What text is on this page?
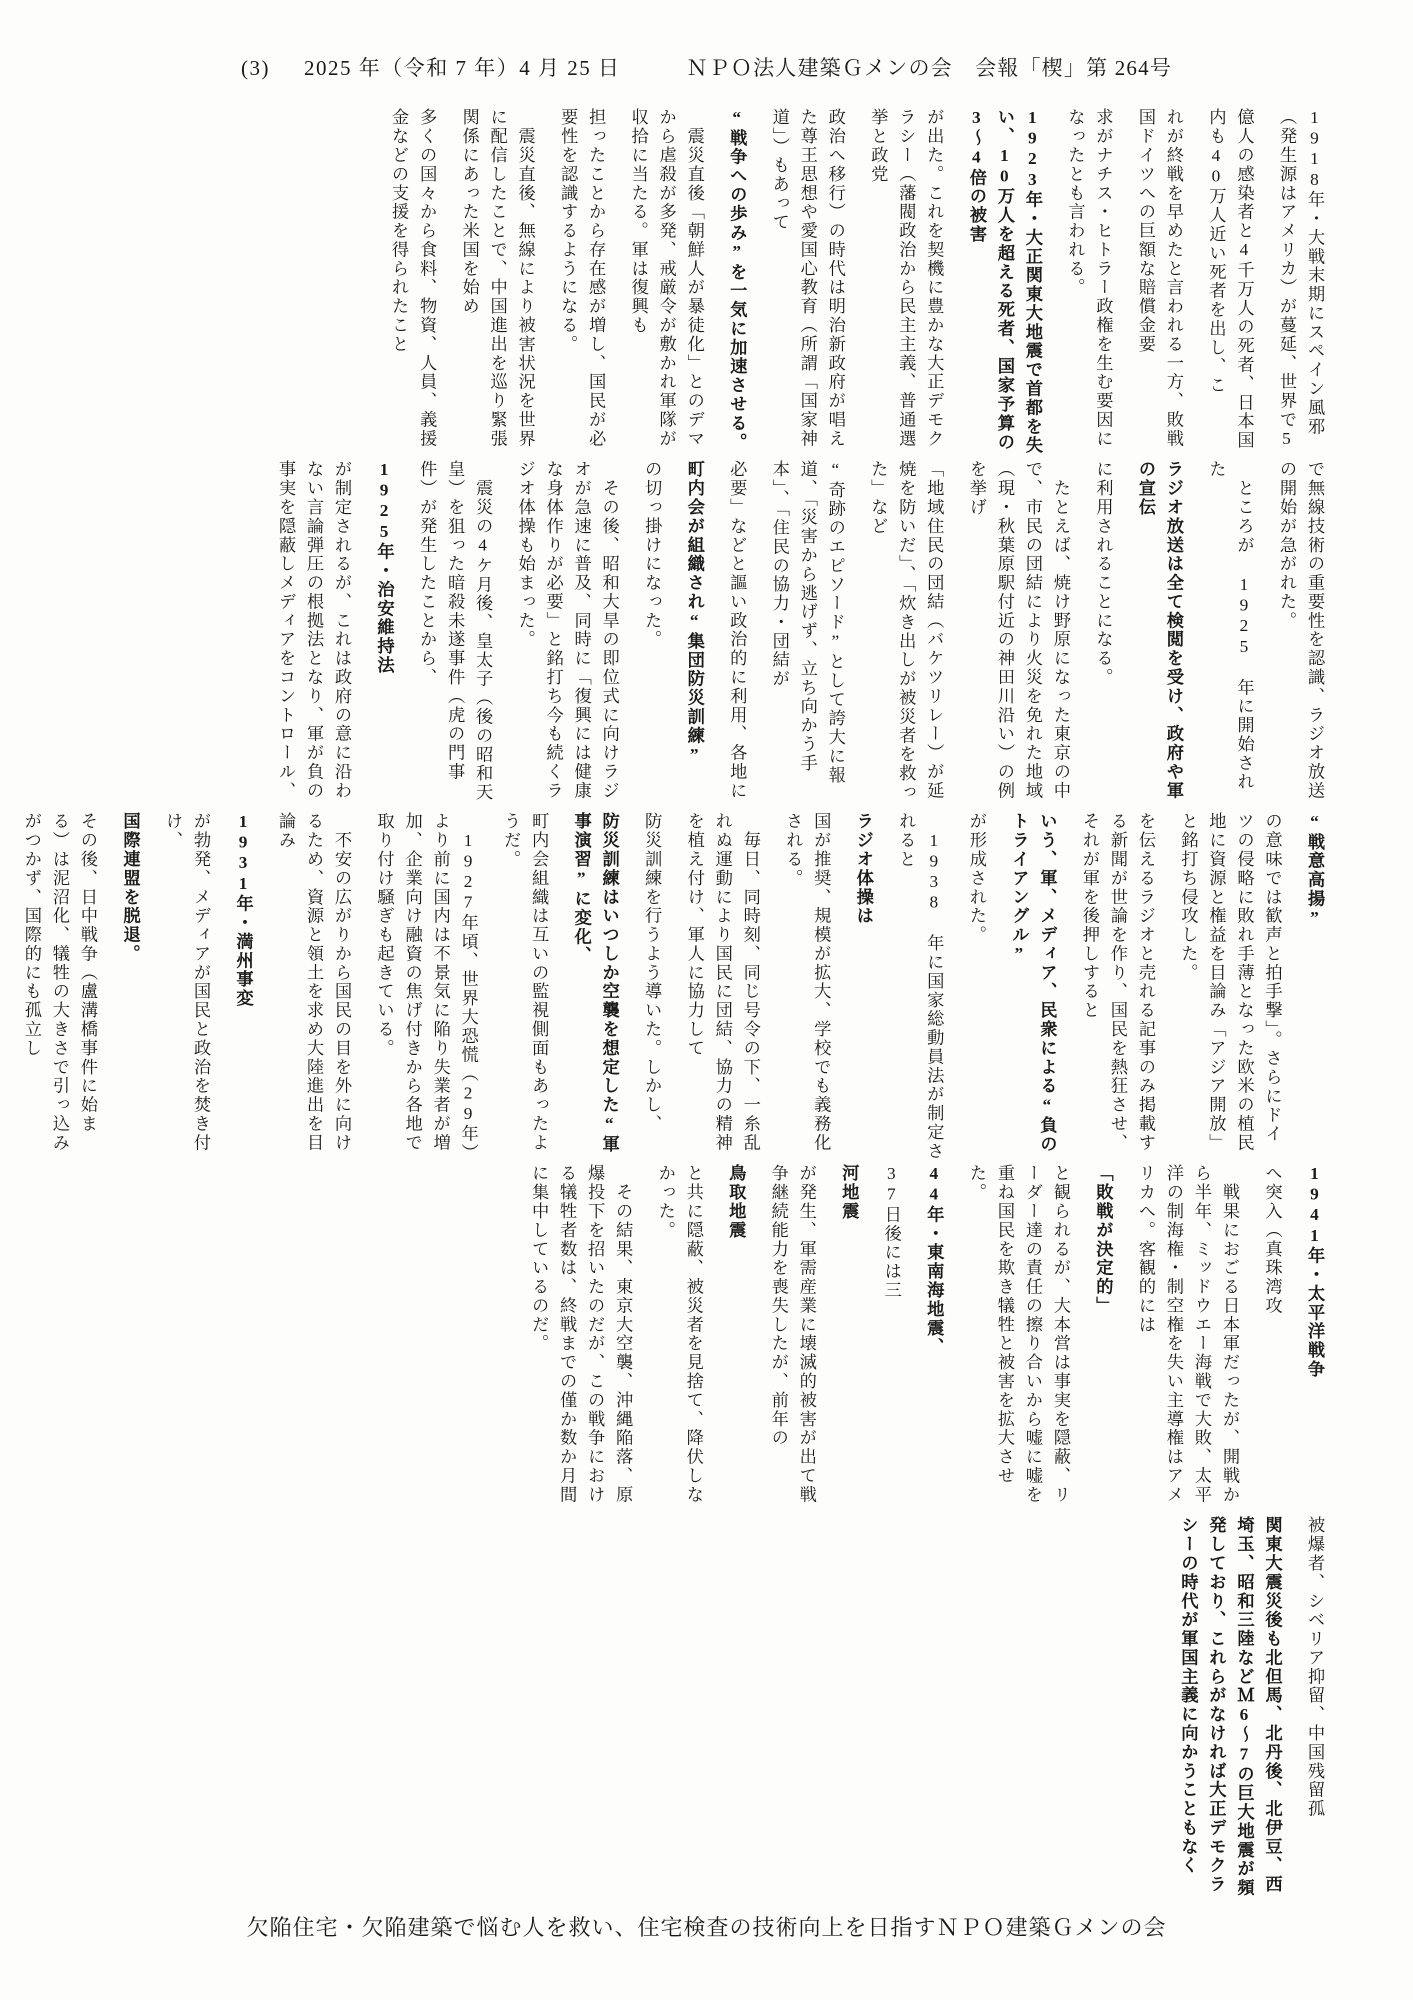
(3) 2025 年（令和 7 年）4 月 25 日	ＮＰＯ法人建築Ｇメンの会　会報「楔」第 264号
1918年・大戦末期にスペイン風邪（発生源はアメリカ）が蔓延、世界で5
億人の感染者と4千万人の死者、日本国内も40万人近い死者を出し、こ
れが終戦を早めたと言われる一方、敗戦国ドイツへの巨額な賠償金要
求がナチス・ヒトラー政権を生む要因になったとも言われる。
1923年・大正関東大地震で首都を失い、10万人を超える死者、国家予算の3～4倍の被害
が出た。これを契機に豊かな大正デモクラシー（藩閥政治から民主主義、普通選挙と政党
政治へ移行）の時代は明治新政府が唱えた尊王思想や愛国心教育（所謂「国家神道」）もあって
“戦争への歩み”を一気に加速させる。
　震災直後「朝鮮人が暴徒化」とのデマから虐殺が多発、戒厳令が敷かれ軍隊が収拾に当たる。軍は復興も
担ったことから存在感が増し、国民が必要性を認識するようになる。
　震災直後、無線により被害状況を世界に配信したことで、中国進出を巡り緊張関係にあった米国を始め
多くの国々から食料、物資、人員、義援金などの支援を得られたこと
で無線技術の重要性を認識、ラジオ放送の開始が急がれた。
　ところが 1925 年に開始された
ラジオ放送は全て検閲を受け、政府や軍の宣伝
に利用されることになる。
　たとえば、焼け野原になった東京の中で、市民の団結により火災を免れた地域（現・秋葉原駅付近の神田川沿い）の例を挙げ
「地域住民の団結（バケツリレー）が延焼を防いだ」、「炊き出しが被災者を救った」など
“奇跡のエピソード”として誇大に報道、「災害から逃げず、立ち向かう手本」、「住民の協力・団結が
必要」などと謳い政治的に利用、各地に
町内会が組織され“集団防災訓練”
の切っ掛けになった。
　その後、昭和大旱の即位式に向けラジオが急速に普及、同時に「復興には健康な身体作りが必要」と銘打ち今も続くラジオ体操も始まった。
　震災の4ケ月後、皇太子（後の昭和天皇）を狙った暗殺未遂事件（虎の門事件）が発生したことから、
1925年・治安維持法
が制定されるが、これは政府の意に沿わない言論弾圧の根拠法となり、軍が負の事実を隠蔽しメディアをコントロール、
“戦意高揚”
の意味では歓声と拍手撃」。さらにドイツの侵略に敗れ手薄となった欧米の植民地に資源と権益を目論み「アジア開放」と銘打ち侵攻した。
を伝えるラジオと売れる記事のみ掲載する新聞が世論を作り、国民を熱狂させ、それが軍を後押しすると
いう、軍、メディア、民衆による“負のトライアングル”
が形成された。
　1938 年に国家総動員法が制定されると
ラジオ体操は
国が推奨、規模が拡大、学校でも義務化される。
　毎日、同時刻、同じ号令の下、一糸乱れぬ運動により国民に団結、協力の精神を植え付け、軍人に協力して
防災訓練を行うよう導いた。しかし、
防災訓練はいつしか空襲を想定した“軍事演習”に変化、
町内会組織は互いの監視側面もあったようだ。
　1927年頃、世界大恐慌（29年）より前に国内は不景気に陥り失業者が増加、企業向け融資の焦げ付きから各地で取り付け騒ぎも起きている。
　不安の広がりから国民の目を外に向けるため、資源と領土を求め大陸進出を目論み
1931年・満州事変
が勃発、メディアが国民と政治を焚き付け、
国際連盟を脱退。
その後、日中戦争（盧溝橋事件に始まる）は泥沼化、犠牲の大きさで引っ込みがつかず、国際的にも孤立し
1941年・太平洋戦争
へ突入（真珠湾攻
　戦果におごる日本軍だったが、開戦から半年、ミッドウエー海戦で大敗、太平洋の制海権・制空権を失い主導権はアメリカへ。客観的には
「敗戦が決定的」
と観られるが、大本営は事実を隠蔽、リーダー達の責任の擦り合いから嘘に嘘を重ね国民を欺き犠牲と被害を拡大させた。
44年・東南海地震、
37日後には三
河地震
が発生、軍需産業に壊滅的被害が出て戦争継続能力を喪失したが、前年の
鳥取地震
と共に隠蔽、被災者を見捨て、降伏しなかった。
　その結果、東京大空襲、沖縄陥落、原爆投下を招いたのだが、この戦争における犠牲者数は、終戦までの僅か数か月間に集中しているのだ。
被爆者、シベリア抑留、中国残留孤
関東大震災後も北但馬、北丹後、北伊豆、西埼玉、昭和三陸などＭ6～7の巨大地震が頻発しており、これらがなければ大正デモクラシーの時代が軍国主義に向かうこともなく
欠陥住宅・欠陥建築で悩む人を救い、住宅検査の技術向上を日指すＮＰＯ建築Ｇメンの会
